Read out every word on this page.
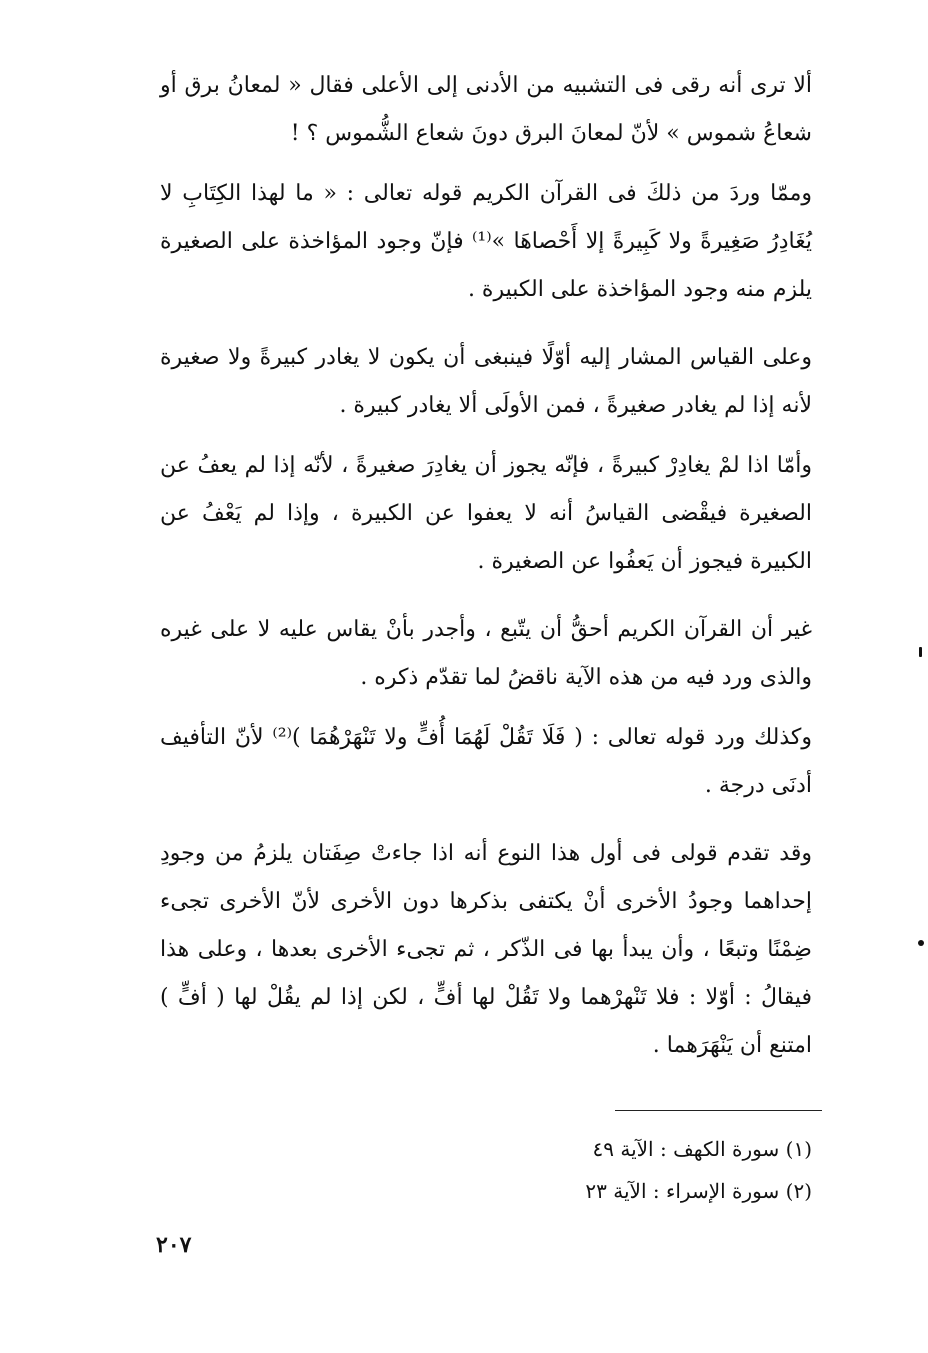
ألا ترى أنه رقى فى التشبيه من الأدنى إلى الأعلى فقال « لمعانُ برق أو شعاعُ شموس » لأنّ لمعانَ البرق دونَ شعاع الشُّموس ؟ !

وممّا وردَ من ذلكَ فى القرآن الكريم قوله تعالى : « ما لهذا الكِتَابِ لا يُغَادِرُ صَغِيرةً ولا كَبِيرةً إلا أَحْصاهَا »⁽¹⁾ فإنّ وجود المؤاخذة على الصغيرة يلزم منه وجود المؤاخذة على الكبيرة .

وعلى القياس المشار إليه أوّلًا فينبغى أن يكون لا يغادر كبيرةً ولا صغيرة لأنه إذا لم يغادر صغيرةً ، فمن الأولَى ألا يغادر كبيرة .

وأمّا اذا لمْ يغادِرْ كبيرةً ، فإنّه يجوز أن يغادِرَ صغيرةً ، لأنّه إذا لم يعفُ عن الصغيرة فيقْضى القياسُ أنه لا يعفوا عن الكبيرة ، وإذا لم يَعْفُ عن الكبيرة فيجوز أن يَعفُوا عن الصغيرة .

غير أن القرآن الكريم أحقُّ أن يتّبع ، وأجدر بأنْ يقاس عليه لا على غيره والذى ورد فيه من هذه الآية ناقضُ لما تقدّم ذكره .

وكذلك ورد قوله تعالى : ( فَلَا تَقُلْ لَهُمَا أُفٍّ ولا تَنْهَرْهُمَا )⁽²⁾ لأنّ التأفيف أدنَى درجة .

وقد تقدم قولى فى أول هذا النوع أنه اذا جاءتْ صِفَتان يلزمُ من وجودِ إحداهما وجودُ الأخرى أنْ يكتفى بذكرها دون الأخرى لأنّ الأخرى تجىء ضِمْنًا وتبعًا ، وأن يبدأ بها فى الذّكر ، ثم تجىء الأخرى بعدها ، وعلى هذا فيقالُ : أوّلا : فلا تَنْهرْهما ولا تَقُلْ لها أفٍّ ، لكن إذا لم يقُلْ لها ( أفٍّ ) امتنع أن يَنْهَرَهما .

(١) سورة الكهف : الآية ٤٩

(٢) سورة الإسراء : الآية ٢٣

٢٠٧
